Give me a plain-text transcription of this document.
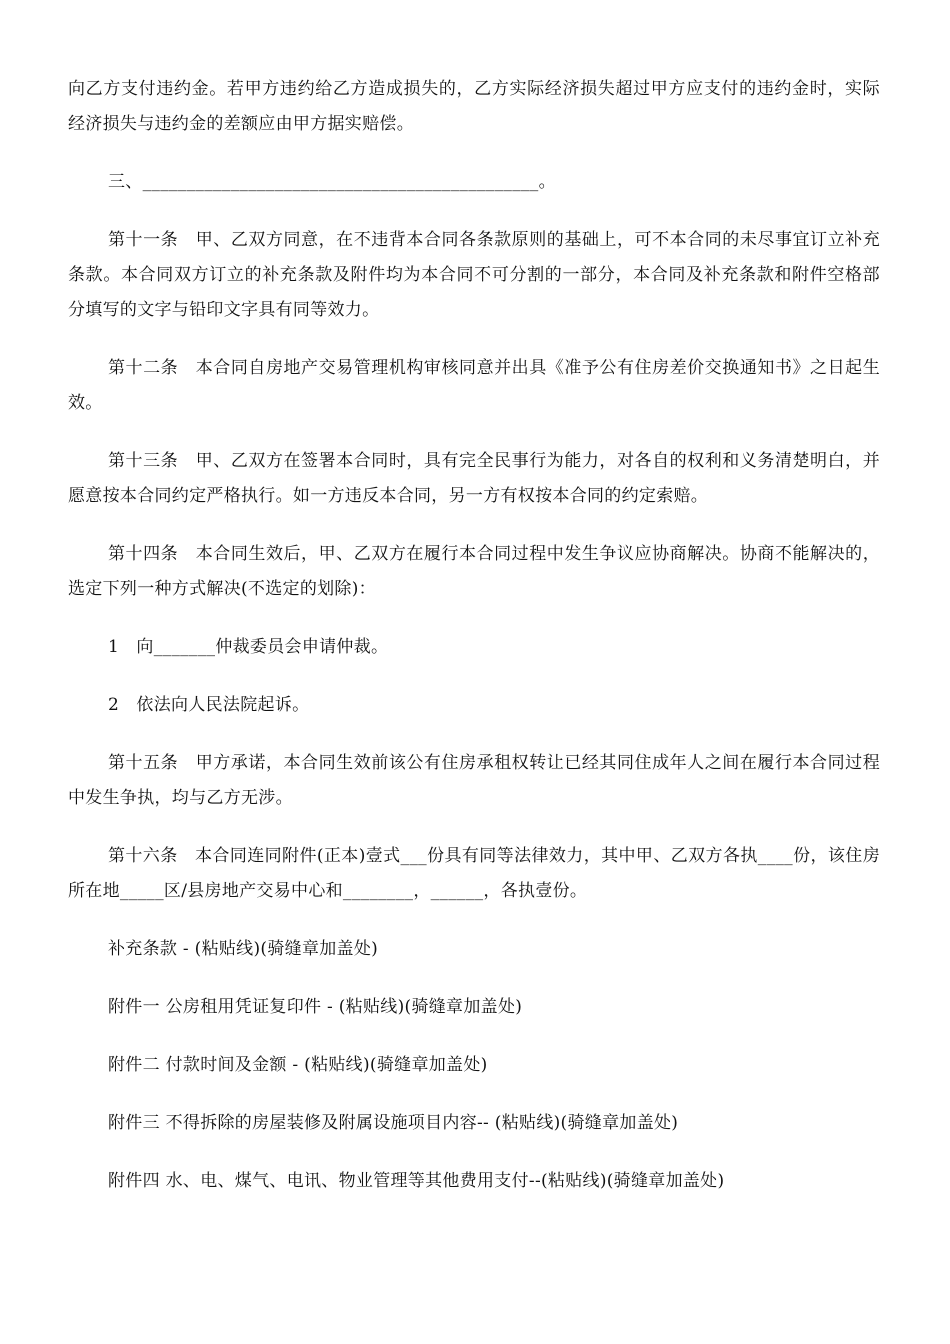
向乙方支付违约金。若甲方违约给乙方造成损失的，乙方实际经济损失超过甲方应支付的违约金时，实际经济损失与违约金的差额应由甲方据实赔偿。

三、_____________________________________________。

第十一条　甲、乙双方同意，在不违背本合同各条款原则的基础上，可不本合同的未尽事宜订立补充条款。本合同双方订立的补充条款及附件均为本合同不可分割的一部分，本合同及补充条款和附件空格部分填写的文字与铅印文字具有同等效力。

第十二条　本合同自房地产交易管理机构审核同意并出具《准予公有住房差价交换通知书》之日起生效。

第十三条　甲、乙双方在签署本合同时，具有完全民事行为能力，对各自的权利和义务清楚明白，并愿意按本合同约定严格执行。如一方违反本合同，另一方有权按本合同的约定索赔。

第十四条　本合同生效后，甲、乙双方在履行本合同过程中发生争议应协商解决。协商不能解决的，选定下列一种方式解决(不选定的划除)：

1　向_______仲裁委员会申请仲裁。

2　依法向人民法院起诉。

第十五条　甲方承诺，本合同生效前该公有住房承租权转让已经其同住成年人之间在履行本合同过程中发生争执，均与乙方无涉。

第十六条　本合同连同附件(正本)壹式___份具有同等法律效力，其中甲、乙双方各执____份，该住房所在地_____区/县房地产交易中心和________，______，各执壹份。

补充条款 - (粘贴线)(骑缝章加盖处)

附件一 公房租用凭证复印件 - (粘贴线)(骑缝章加盖处)

附件二 付款时间及金额 - (粘贴线)(骑缝章加盖处)

附件三 不得拆除的房屋装修及附属设施项目内容-- (粘贴线)(骑缝章加盖处)

附件四 水、电、煤气、电讯、物业管理等其他费用支付--(粘贴线)(骑缝章加盖处)
